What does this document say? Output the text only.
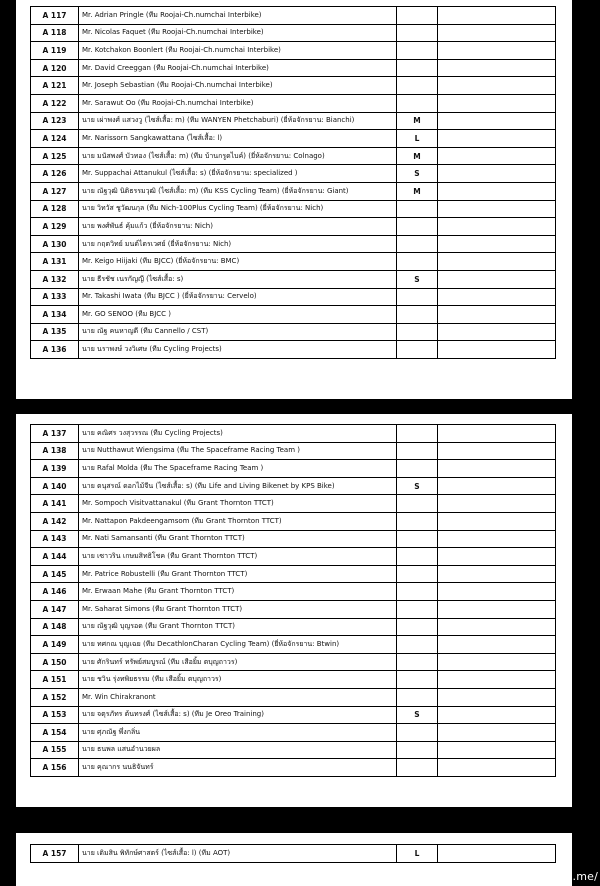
A 117	Mr. Adrian Pringle (ทีม Roojai-Ch.numchai Interbike)		
A 118	Mr. Nicolas Faquet (ทีม Roojai-Ch.numchai Interbike)		
A 119	Mr. Kotchakon Boonlert (ทีม Roojai-Ch.numchai Interbike)		
A 120	Mr. David Creeggan (ทีม Roojai-Ch.numchai Interbike)		
A 121	Mr. Joseph Sebastian (ทีม Roojai-Ch.numchai Interbike)		
A 122	Mr. Sarawut Oo (ทีม Roojai-Ch.numchai Interbike)		
A 123	นาย เผ่าพงศ์ แสวงวู (ไซส์เสื้อ: m) (ทีม WANYEN Phetchaburi) (ยี่ห้อจักรยาน: Bianchi)	M	
A 124	Mr. Narissorn Sangkawattana (ไซส์เสื้อ: l)	L	
A 125	นาย มนัสพงศ์ บัวทอง (ไซส์เสื้อ: m) (ทีม บ้านกรูดไบค์) (ยี่ห้อจักรยาน: Colnago)	M	
A 126	Mr. Suppachai Attanukul (ไซส์เสื้อ: s) (ยี่ห้อจักรยาน: specialized )	S	
A 127	นาย ณัฐวุฒิ นิติธรรมวุฒิ (ไซส์เสื้อ: m) (ทีม KSS Cycling Team) (ยี่ห้อจักรยาน: Giant)	M	
A 128	นาย วิทวัส ชูวัฒนกุล (ทีม Nich-100Plus Cycling Team) (ยี่ห้อจักรยาน: Nich)		
A 129	นาย พงศ์พันธ์ คุ้มแก้ว (ยี่ห้อจักรยาน: Nich)		
A 130	นาย กฤตวิทย์ มนต์ไตรเวศย์ (ยี่ห้อจักรยาน: Nich)		
A 131	Mr. Keigo Hiijaki (ทีม BJCC) (ยี่ห้อจักรยาน: BMC)		
A 132	นาย ธีรชัช เนรกัญญี (ไซส์เสื้อ: s)	S	
A 133	Mr. Takashi Iwata (ทีม BJCC ) (ยี่ห้อจักรยาน: Cervelo)		
A 134	Mr. GO SENOO (ทีม BJCC )		
A 135	นาย ณัฐ คนหาญดี (ทีม Cannello / CST)		
A 136	นาย นราพงษ์ วงวิเศษ (ทีม Cycling Projects)		
A 137	นาย คณิศร วงสุวรรณ (ทีม Cycling Projects)		
A 138	นาย Nutthawut Wiengsima (ทีม The Spaceframe Racing Team )		
A 139	นาย Rafal Molda (ทีม The Spaceframe Racing Team )		
A 140	นาย ตนุสรณ์ ดอกไม้จีน (ไซส์เสื้อ: s) (ทีม Life and Living Bikenet by KPS Bike)	S	
A 141	Mr. Sompoch Visitvattanakul (ทีม Grant Thornton TTCT)		
A 142	Mr. Nattapon Pakdeengamsom (ทีม Grant Thornton TTCT)		
A 143	Mr. Nati Samansanti (ทีม Grant Thornton TTCT)		
A 144	นาย เซาวริน เกษมสิทธิโชค (ทีม Grant Thornton TTCT)		
A 145	Mr. Patrice Robustelli (ทีม Grant Thornton TTCT)		
A 146	Mr. Erwaan Mahe (ทีม Grant Thornton TTCT)		
A 147	Mr. Saharat Simons (ทีม Grant Thornton TTCT)		
A 148	นาย ณัฐวุฒิ บุญรอด (ทีม Grant Thornton TTCT)		
A 149	นาย ทศกณ บุญเฉย (ทีม DecathlonCharan Cycling Team) (ยี่ห้อจักรยาน: Btwin)		
A 150	นาย ศักรินทร์ ทรัพย์สมบูรณ์ (ทีม เสือยิ้ม ตบุญถาวร)		
A 151	นาย ชวิน รุ่งทพิยธรรม (ทีม เสือยิ้ม ตบุญถาวร)		
A 152	Mr. Win Chirakranont		
A 153	นาย จตุรภัทร ต้นทรงศ์ (ไซส์เสื้อ: s) (ทีม Je Oreo Training)	S	
A 154	นาย ศุภณัฐ พึ่งกลิ่น		
A 155	นาย ธนพล แสนอำนวยผล		
A 156	นาย คุณากร นนธิจันทร์		
A 157	นาย เติมสิน พิทักษ์ศาสตร์ (ไซส์เสื้อ: l) (ทีม AOT)	L	
[1080x1567] https://upic.me/
